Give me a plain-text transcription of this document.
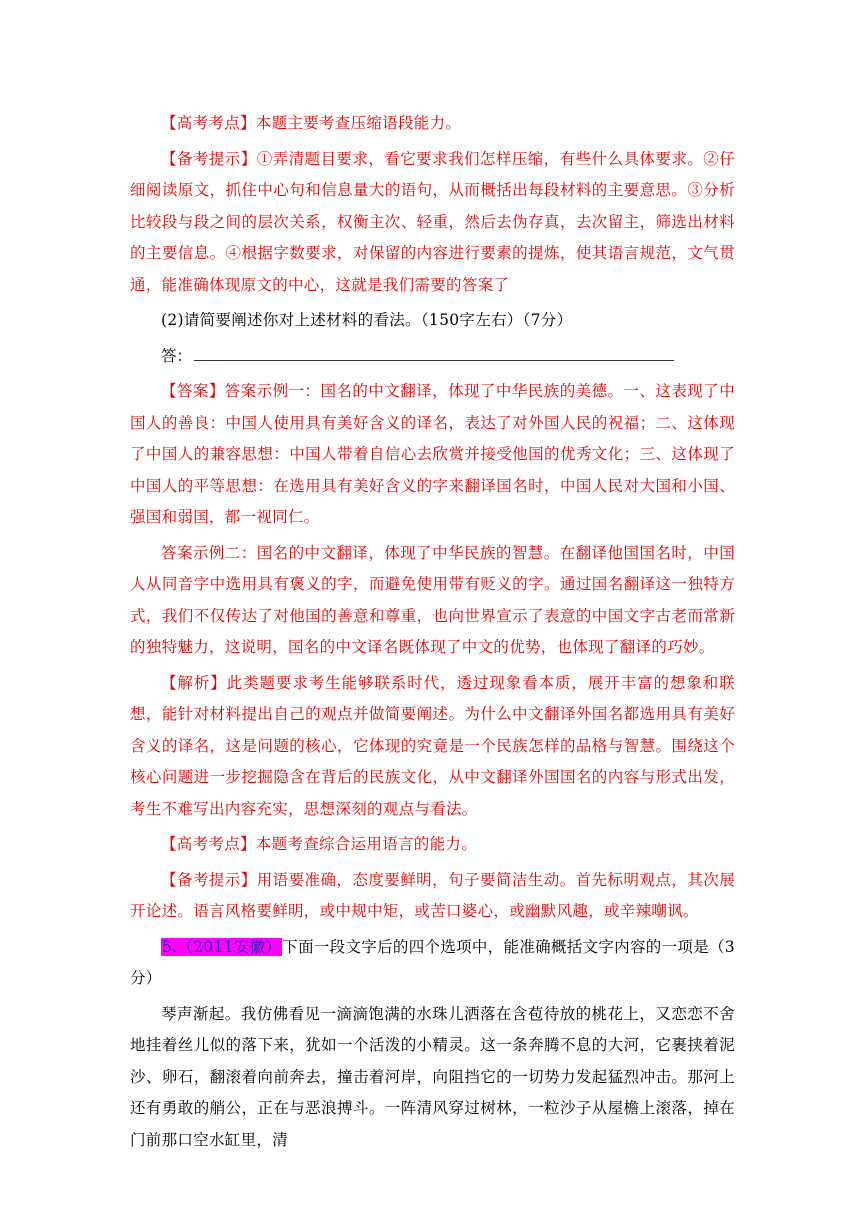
【高考考点】本题主要考查压缩语段能力。

【备考提示】①弄清题目要求，看它要求我们怎样压缩，有些什么具体要求。②仔细阅读原文，抓住中心句和信息量大的语句，从而概括出每段材料的主要意思。③分析比较段与段之间的层次关系，权衡主次、轻重，然后去伪存真，去次留主，筛选出材料的主要信息。④根据字数要求，对保留的内容进行要素的提炼，使其语言规范，文气贯通，能准确体现原文的中心，这就是我们需要的答案了

(2)请简要阐述你对上述材料的看法。（150字左右）（7分）

答：

【答案】答案示例一：国名的中文翻译，体现了中华民族的美德。一、这表现了中国人的善良：中国人使用具有美好含义的译名，表达了对外国人民的祝福；二、这体现了中国人的兼容思想：中国人带着自信心去欣赏并接受他国的优秀文化；三、这体现了中国人的平等思想：在选用具有美好含义的字来翻译国名时，中国人民对大国和小国、强国和弱国，都一视同仁。

答案示例二：国名的中文翻译，体现了中华民族的智慧。在翻译他国国名时，中国人从同音字中选用具有褒义的字，而避免使用带有贬义的字。通过国名翻译这一独特方式，我们不仅传达了对他国的善意和尊重，也向世界宣示了表意的中国文字古老而常新的独特魅力，这说明，国名的中文译名既体现了中文的优势，也体现了翻译的巧妙。

【解析】此类题要求考生能够联系时代，透过现象看本质，展开丰富的想象和联想，能针对材料提出自己的观点并做简要阐述。为什么中文翻译外国名都选用具有美好含义的译名，这是问题的核心，它体现的究竟是一个民族怎样的品格与智慧。围绕这个核心问题进一步挖掘隐含在背后的民族文化，从中文翻译外国国名的内容与形式出发，考生不难写出内容充实，思想深刻的观点与看法。

【高考考点】本题考查综合运用语言的能力。

【备考提示】用语要准确，态度要鲜明，句子要简洁生动。首先标明观点，其次展开论述。语言风格要鲜明，或中规中矩，或苦口婆心，或幽默风趣，或辛辣嘲讽。

5.（2011安徽）下面一段文字后的四个选项中，能准确概括文字内容的一项是（3分）

琴声渐起。我仿佛看见一滴滴饱满的水珠儿洒落在含苞待放的桃花上，又恋恋不舍地挂着丝儿似的落下来，犹如一个活泼的小精灵。这一条奔腾不息的大河，它裹挟着泥沙、卵石，翻滚着向前奔去，撞击着河岸，向阻挡它的一切势力发起猛烈冲击。那河上还有勇敢的艄公，正在与恶浪搏斗。一阵清风穿过树林，一粒沙子从屋檐上滚落，掉在门前那口空水缸里，清
